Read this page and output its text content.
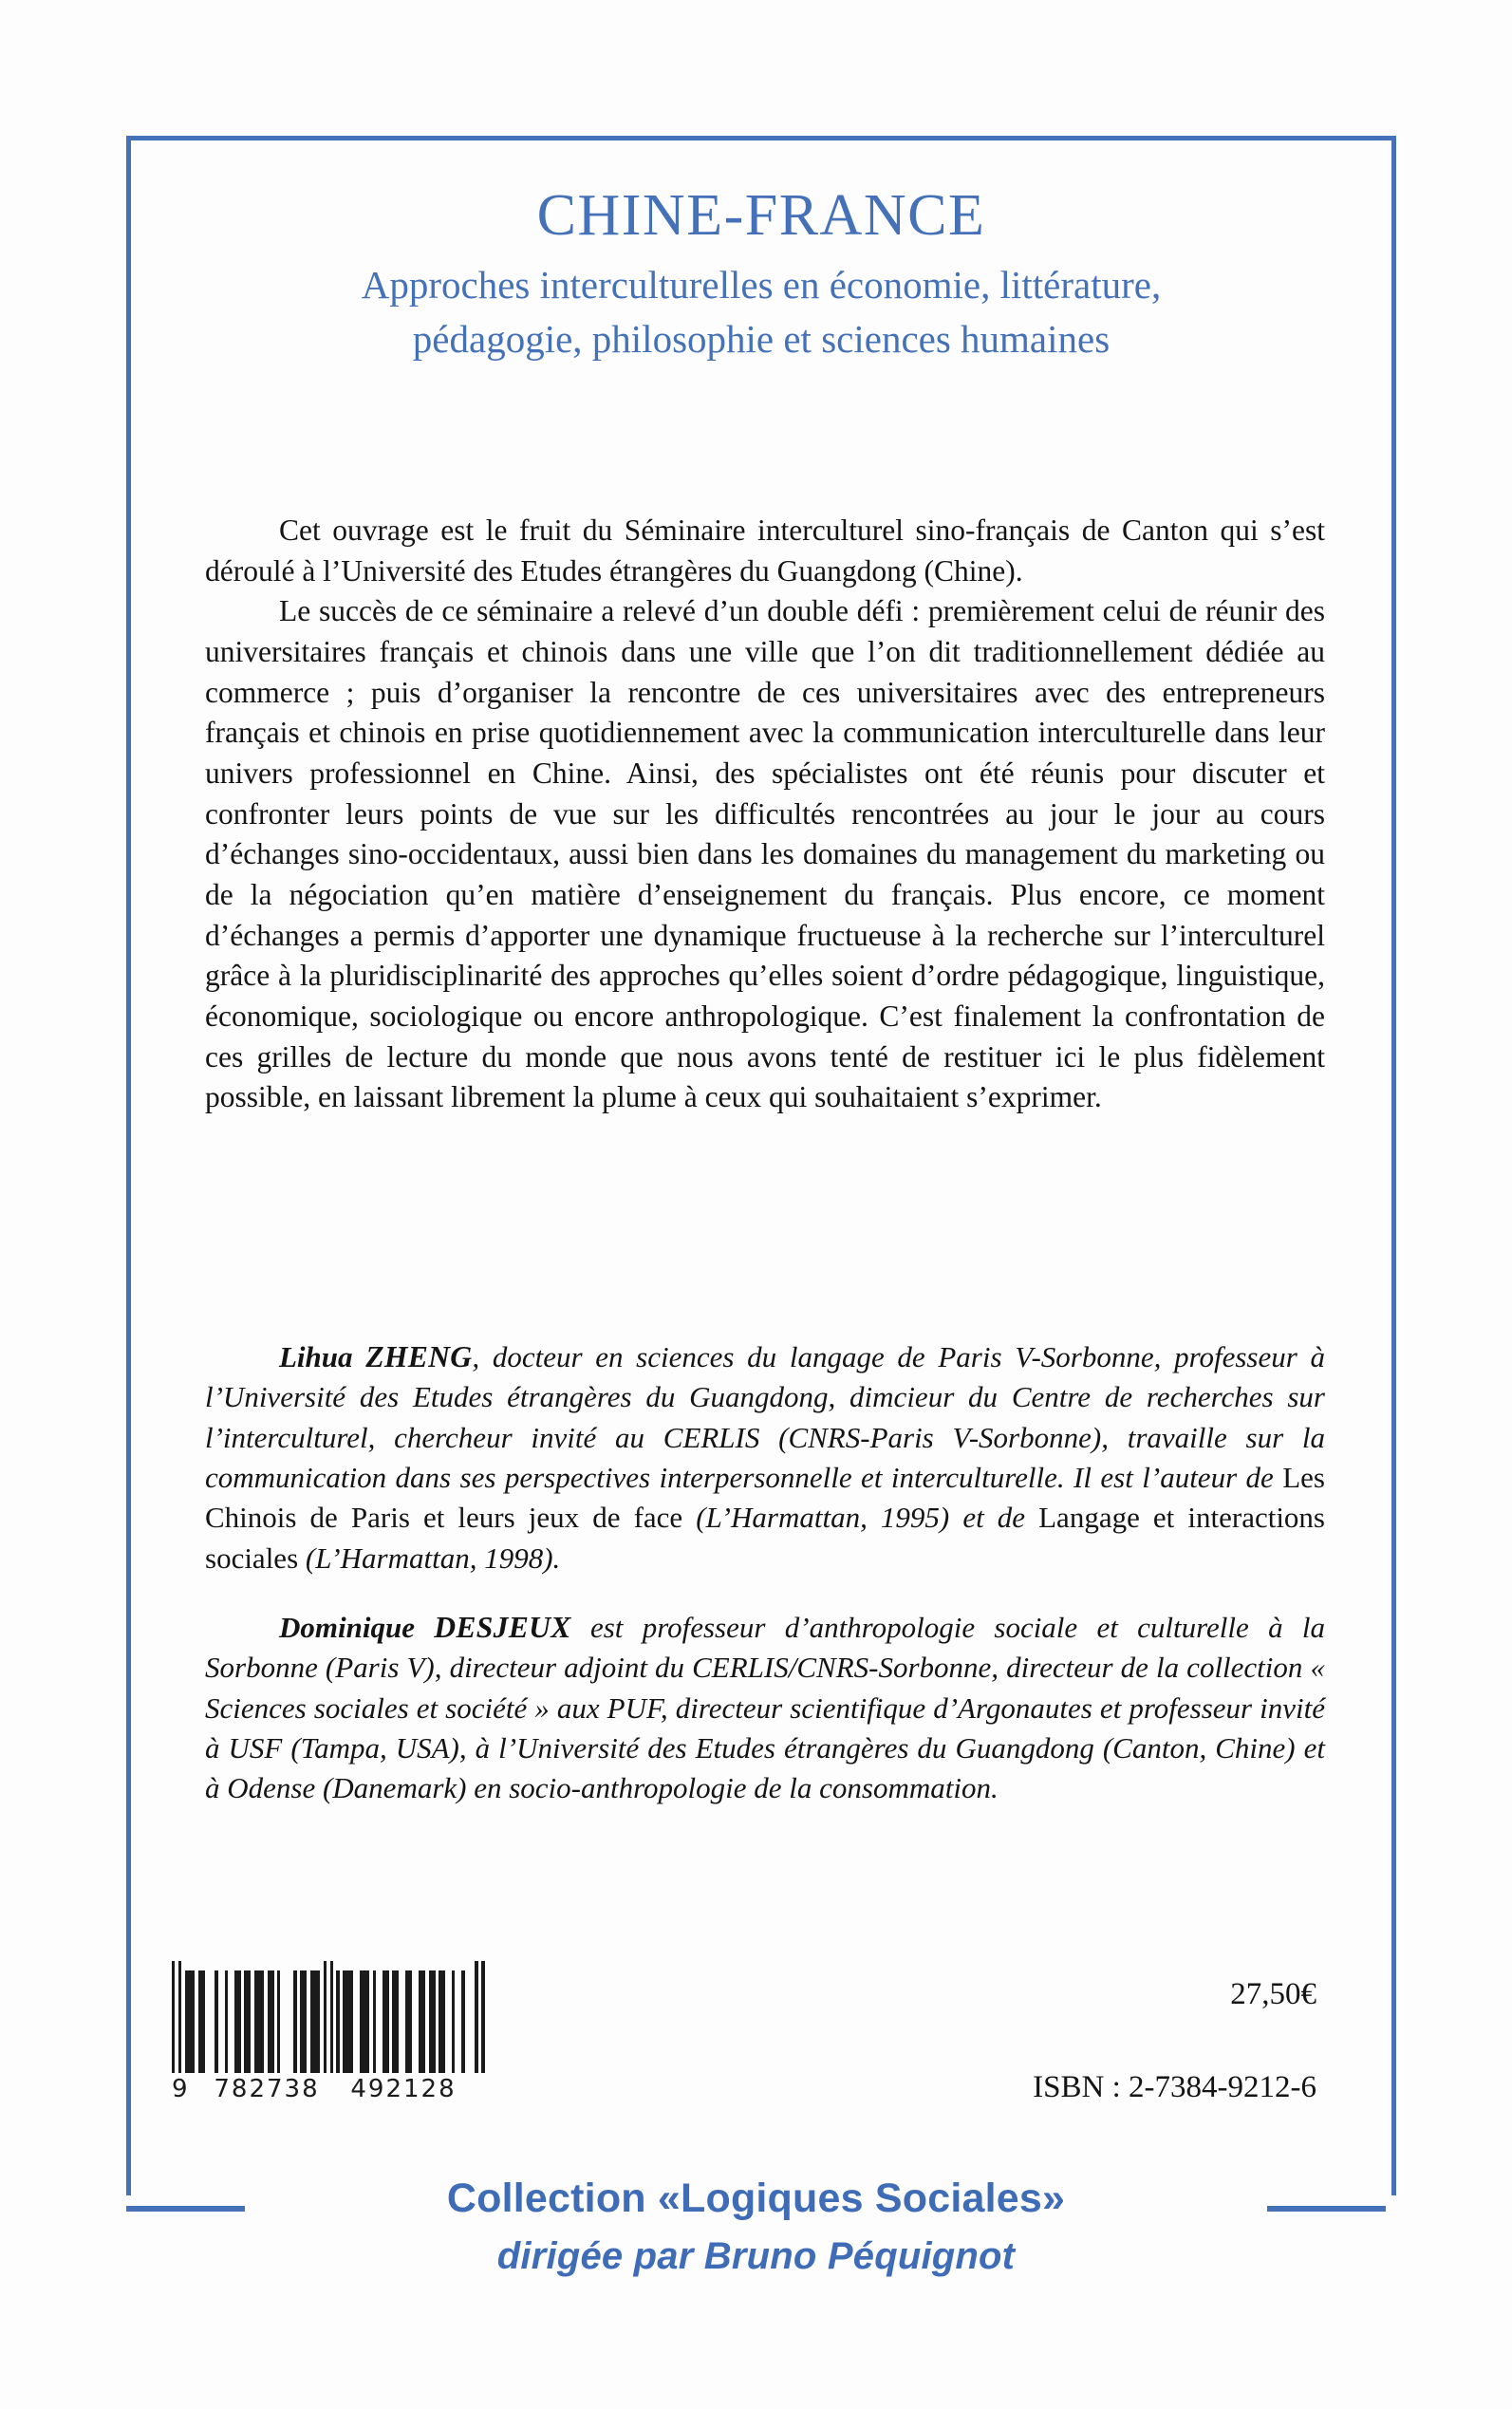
CHINE-FRANCE
Approches interculturelles en économie, littérature,
pédagogie, philosophie et sciences humaines

Cet ouvrage est le fruit du Séminaire interculturel sino-français de Canton qui s’est déroulé à l’Université des Etudes étrangères du Guangdong (Chine).

Le succès de ce séminaire a relevé d’un double défi : premièrement celui de réunir des universitaires français et chinois dans une ville que l’on dit traditionnellement dédiée au commerce ; puis d’organiser la rencontre de ces universitaires avec des entrepreneurs français et chinois en prise quotidiennement avec la communication interculturelle dans leur univers professionnel en Chine. Ainsi, des spécialistes ont été réunis pour discuter et confronter leurs points de vue sur les difficultés rencontrées au jour le jour au cours d’échanges sino-occidentaux, aussi bien dans les domaines du management du marketing ou de la négociation qu’en matière d’enseignement du français. Plus encore, ce moment d’échanges a permis d’apporter une dynamique fructueuse à la recherche sur l’interculturel grâce à la pluridisciplinarité des approches qu’elles soient d’ordre pédagogique, linguistique, économique, sociologique ou encore anthropologique. C’est finalement la confrontation de ces grilles de lecture du monde que nous avons tenté de restituer ici le plus fidèlement possible, en laissant librement la plume à ceux qui souhaitaient s’exprimer.

Lihua ZHENG, docteur en sciences du langage de Paris V-Sorbonne, professeur à l’Université des Etudes étrangères du Guangdong, dimcieur du Centre de recherches sur l’interculturel, chercheur invité au CERLIS (CNRS-Paris V-Sorbonne), travaille sur la communication dans ses perspectives interpersonnelle et interculturelle. Il est l’auteur de Les Chinois de Paris et leurs jeux de face (L’Harmattan, 1995) et de Langage et interactions sociales (L’Harmattan, 1998).

Dominique DESJEUX est professeur d’anthropologie sociale et culturelle à la Sorbonne (Paris V), directeur adjoint du CERLIS/CNRS-Sorbonne, directeur de la collection « Sciences sociales et société » aux PUF, directeur scientifique d’Argonautes et professeur invité à USF (Tampa, USA), à l’Université des Etudes étrangères du Guangdong (Canton, Chine) et à Odense (Danemark) en socio-anthropologie de la consommation.

9 782738	492128
27,50€
ISBN : 2-7384-9212-6
Collection «Logiques Sociales»
dirigée par Bruno Péquignot
